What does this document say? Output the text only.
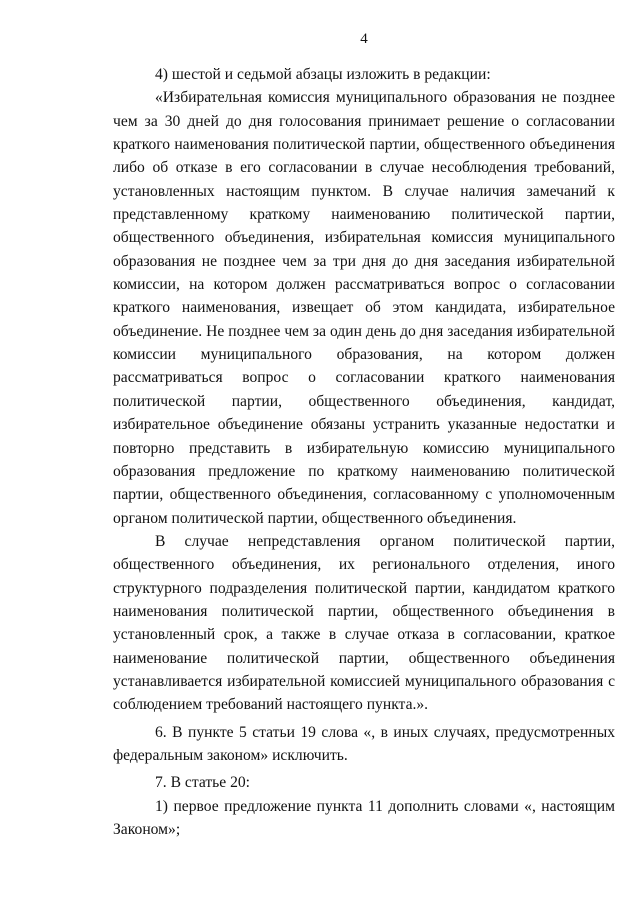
4

4) шестой и седьмой абзацы изложить в редакции:

«Избирательная комиссия муниципального образования не позднее чем за 30 дней до дня голосования принимает решение о согласовании краткого наименования политической партии, общественного объединения либо об отказе в его согласовании в случае несоблюдения требований, установленных настоящим пунктом. В случае наличия замечаний к представленному краткому наименованию политической партии, общественного объединения, избирательная комиссия муниципального образования не позднее чем за три дня до дня заседания избирательной комиссии, на котором должен рассматриваться вопрос о согласовании краткого наименования, извещает об этом кандидата, избирательное объединение. Не позднее чем за один день до дня заседания избирательной комиссии муниципального образования, на котором должен рассматриваться вопрос о согласовании краткого наименования политической партии, общественного объединения, кандидат, избирательное объединение обязаны устранить указанные недостатки и повторно представить в избирательную комиссию муниципального образования предложение по краткому наименованию политической партии, общественного объединения, согласованному с уполномоченным органом политической партии, общественного объединения.

В случае непредставления органом политической партии, общественного объединения, их регионального отделения, иного структурного подразделения политической партии, кандидатом краткого наименования политической партии, общественного объединения в установленный срок, а также в случае отказа в согласовании, краткое наименование политической партии, общественного объединения устанавливается избирательной комиссией муниципального образования с соблюдением требований настоящего пункта.».

6. В пункте 5 статьи 19 слова «, в иных случаях, предусмотренных федеральным законом» исключить.

7. В статье 20:

1) первое предложение пункта 11 дополнить словами «, настоящим Законом»;
